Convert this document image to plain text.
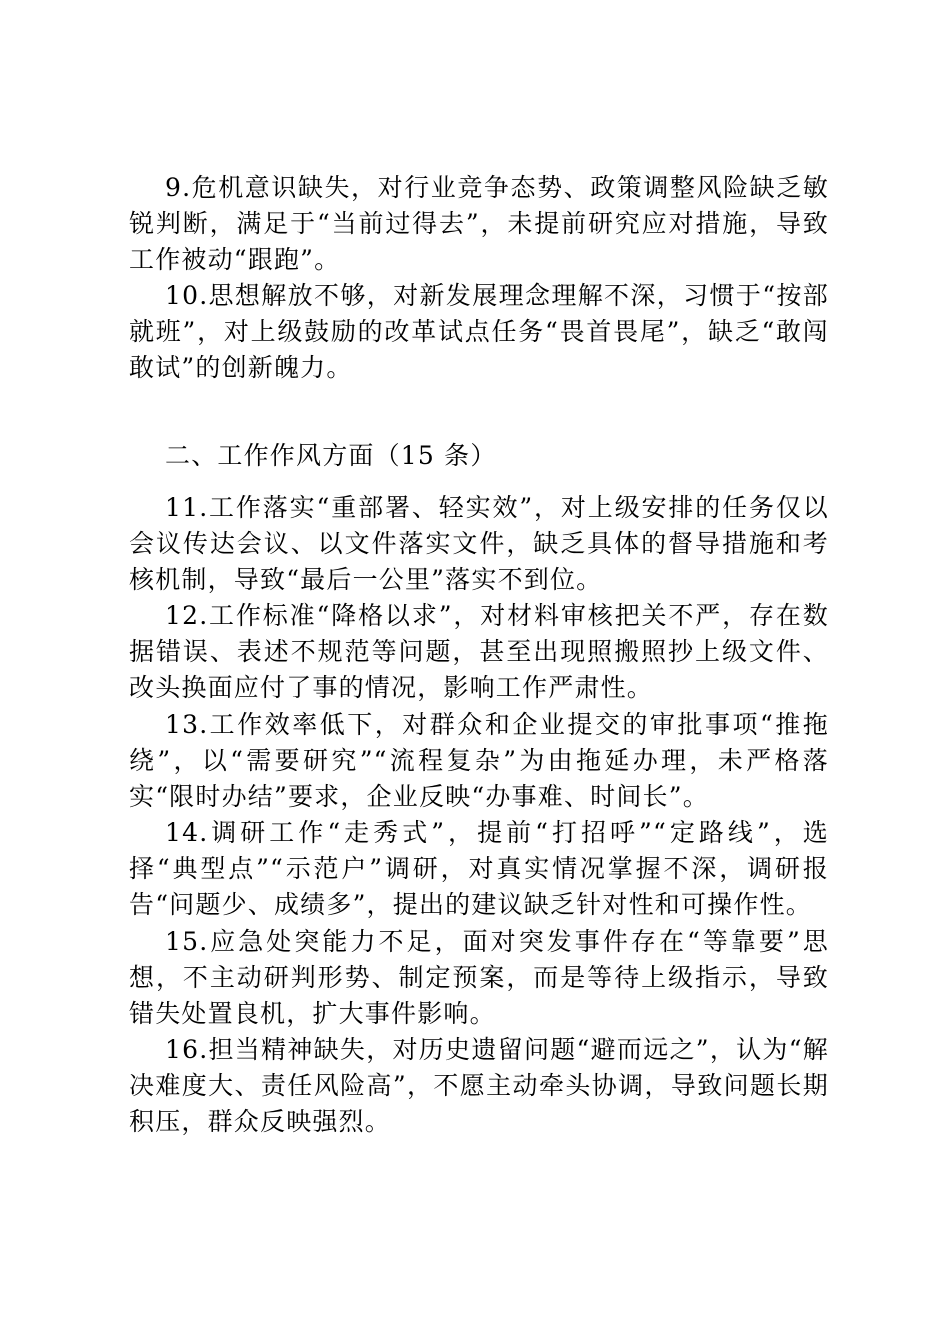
9.危机意识缺失，对行业竞争态势、政策调整风险缺乏敏锐判断，满足于“当前过得去”，未提前研究应对措施，导致工作被动“跟跑”。

10.思想解放不够，对新发展理念理解不深，习惯于“按部就班”，对上级鼓励的改革试点任务“畏首畏尾”，缺乏“敢闯敢试”的创新魄力。

二、工作作风方面（15 条）

11.工作落实“重部署、轻实效”，对上级安排的任务仅以会议传达会议、以文件落实文件，缺乏具体的督导措施和考核机制，导致“最后一公里”落实不到位。

12.工作标准“降格以求”，对材料审核把关不严，存在数据错误、表述不规范等问题，甚至出现照搬照抄上级文件、改头换面应付了事的情况，影响工作严肃性。

13.工作效率低下，对群众和企业提交的审批事项“推拖绕”，以“需要研究”“流程复杂”为由拖延办理，未严格落实“限时办结”要求，企业反映“办事难、时间长”。

14.调研工作“走秀式”，提前“打招呼”“定路线”，选择“典型点”“示范户”调研，对真实情况掌握不深，调研报告“问题少、成绩多”，提出的建议缺乏针对性和可操作性。

15.应急处突能力不足，面对突发事件存在“等靠要”思想，不主动研判形势、制定预案，而是等待上级指示，导致错失处置良机，扩大事件影响。

16.担当精神缺失，对历史遗留问题“避而远之”，认为“解决难度大、责任风险高”，不愿主动牵头协调，导致问题长期积压，群众反映强烈。
